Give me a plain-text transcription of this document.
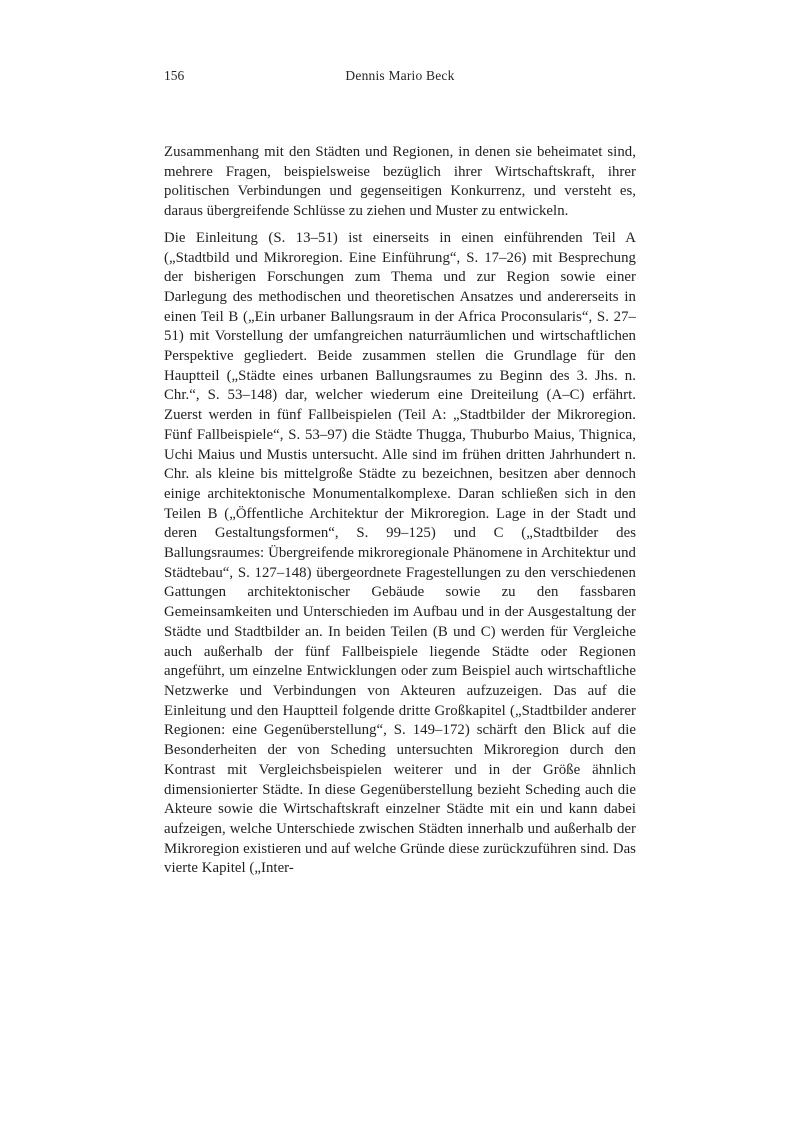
156	Dennis Mario Beck

Zusammenhang mit den Städten und Regionen, in denen sie beheimatet sind, mehrere Fragen, beispielsweise bezüglich ihrer Wirtschaftskraft, ihrer politischen Verbindungen und gegenseitigen Konkurrenz, und versteht es, daraus übergreifende Schlüsse zu ziehen und Muster zu entwickeln.

Die Einleitung (S. 13–51) ist einerseits in einen einführenden Teil A („Stadtbild und Mikroregion. Eine Einführung“, S. 17–26) mit Besprechung der bisherigen Forschungen zum Thema und zur Region sowie einer Darlegung des methodischen und theoretischen Ansatzes und andererseits in einen Teil B („Ein urbaner Ballungsraum in der Africa Proconsularis“, S. 27–51) mit Vorstellung der umfangreichen naturräumlichen und wirtschaftlichen Perspektive gegliedert. Beide zusammen stellen die Grundlage für den Hauptteil („Städte eines urbanen Ballungsraumes zu Beginn des 3. Jhs. n. Chr.“, S. 53–148) dar, welcher wiederum eine Dreiteilung (A–C) erfährt. Zuerst werden in fünf Fallbeispielen (Teil A: „Stadtbilder der Mikroregion. Fünf Fallbeispiele“, S. 53–97) die Städte Thugga, Thuburbo Maius, Thignica, Uchi Maius und Mustis untersucht. Alle sind im frühen dritten Jahrhundert n. Chr. als kleine bis mittelgroße Städte zu bezeichnen, besitzen aber dennoch einige architektonische Monumentalkomplexe. Daran schließen sich in den Teilen B („Öffentliche Architektur der Mikroregion. Lage in der Stadt und deren Gestaltungsformen“, S. 99–125) und C („Stadtbilder des Ballungsraumes: Übergreifende mikroregionale Phänomene in Architektur und Städtebau“, S. 127–148) übergeordnete Fragestellungen zu den verschiedenen Gattungen architektonischer Gebäude sowie zu den fassbaren Gemeinsamkeiten und Unterschieden im Aufbau und in der Ausgestaltung der Städte und Stadtbilder an. In beiden Teilen (B und C) werden für Vergleiche auch außerhalb der fünf Fallbeispiele liegende Städte oder Regionen angeführt, um einzelne Entwicklungen oder zum Beispiel auch wirtschaftliche Netzwerke und Verbindungen von Akteuren aufzuzeigen. Das auf die Einleitung und den Hauptteil folgende dritte Großkapitel („Stadtbilder anderer Regionen: eine Gegenüberstellung“, S. 149–172) schärft den Blick auf die Besonderheiten der von Scheding untersuchten Mikroregion durch den Kontrast mit Vergleichsbeispielen weiterer und in der Größe ähnlich dimensionierter Städte. In diese Gegenüberstellung bezieht Scheding auch die Akteure sowie die Wirtschaftskraft einzelner Städte mit ein und kann dabei aufzeigen, welche Unterschiede zwischen Städten innerhalb und außerhalb der Mikroregion existieren und auf welche Gründe diese zurückzuführen sind. Das vierte Kapitel („Inter-
